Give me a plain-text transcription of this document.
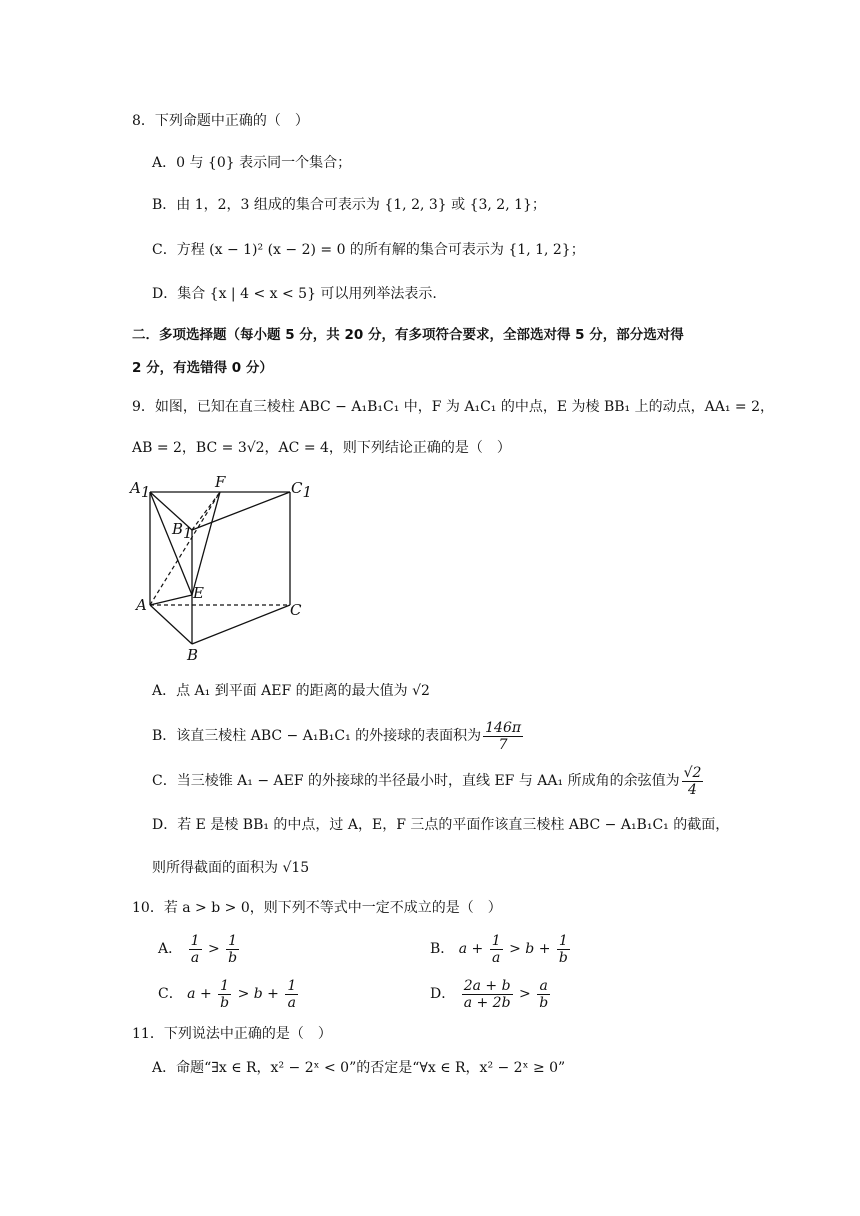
8．下列命题中正确的（　）
A．0 与 {0} 表示同一个集合；
B．由 1，2，3 组成的集合可表示为 {1, 2, 3} 或 {3, 2, 1}；
C．方程 (x − 1)² (x − 2) = 0 的所有解的集合可表示为 {1, 1, 2}；
D．集合 {x | 4 < x < 5} 可以用列举法表示.
二．多项选择题（每小题 5 分，共 20 分，有多项符合要求，全部选对得 5 分，部分选对得
2 分，有选错得 0 分）
9．如图，已知在直三棱柱 ABC − A₁B₁C₁ 中，F 为 A₁C₁ 的中点，E 为棱 BB₁ 上的动点，AA₁ = 2，
AB = 2，BC = 3√2，AC = 4，则下列结论正确的是（　）
A1
F	C1
B1
E
A	C
B
A．点 A₁ 到平面 AEF 的距离的最大值为 √2
B．该直三棱柱 ABC − A₁B₁C₁ 的外接球的表面积为 $\frac{146\pi}{7}$
C．当三棱锥 A₁ − AEF 的外接球的半径最小时，直线 EF 与 AA₁ 所成角的余弦值为 $\frac{√2}{4}$
D．若 E 是棱 BB₁ 的中点，过 A，E，F 三点的平面作该直三棱柱 ABC − A₁B₁C₁ 的截面，
则所得截面的面积为 √15
10．若 a > b > 0，则下列不等式中一定不成立的是（　）
A． $\frac{1}{a} > \frac{1}{b}$	B． $a + \frac{1}{a} > b + \frac{1}{b}$
C． $a + \frac{1}{b} > b + \frac{1}{a}$	D． $\frac{2a + b}{a + 2b} > \frac{a}{b}$
11．下列说法中正确的是（　）
A．命题“∃x ∈ R，x² − 2ˣ < 0”的否定是“∀x ∈ R，x² − 2ˣ ≥ 0”
